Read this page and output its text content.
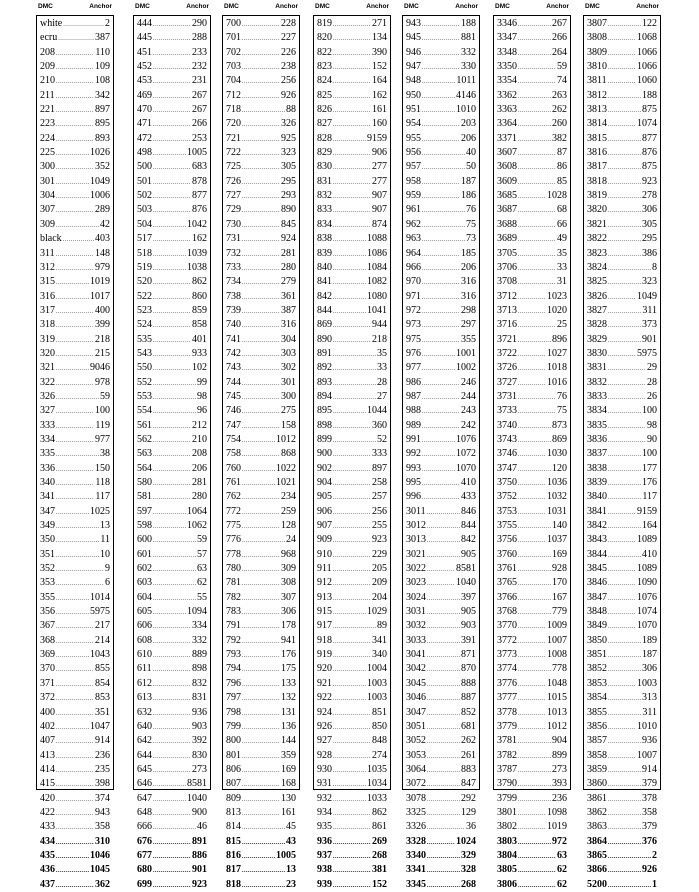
DMC	Anchor
white .....	2
ecru .....	387
208 .....	110
209 .....	109
210 .....	108
211 .....	342
221 .....	897
223 .....	895
224 .....	893
225 .....	1026
300 .....	352
301 .....	1049
304 .....	1006
307 .....	289
309 .....	42
black .....	403
311 .....	148
312 .....	979
315 .....	1019
316 .....	1017
317 .....	400
318 .....	399
319 .....	218
320 .....	215
321 .....	9046
322 .....	978
326 .....	59
327 .....	100
333 .....	119
334 .....	977
335 .....	38
336 .....	150
340 .....	118
341 .....	117
347 .....	1025
349 .....	13
350 .....	11
351 .....	10
352 .....	9
353 .....	6
355 .....	1014
356 .....	5975
367 .....	217
368 .....	214
369 .....	1043
370 .....	855
371 .....	854
372 .....	853
400 .....	351
402 .....	1047
407 .....	914
413 .....	236
414 .....	235
415 .....	398
420 .....	374
422 .....	943
433 .....	358
434 .....	310
435 .....	1046
436 .....	1045
437 .....	362
DMC	Anchor
444 .....	290
445 .....	288
451 .....	233
452 .....	232
453 .....	231
469 .....	267
470 .....	267
471 .....	266
472 .....	253
498 .....	1005
500 .....	683
501 .....	878
502 .....	877
503 .....	876
504 .....	1042
517 .....	162
518 .....	1039
519 .....	1038
520 .....	862
522 .....	860
523 .....	859
524 .....	858
535 .....	401
543 .....	933
550 .....	102
552 .....	99
553 .....	98
554 .....	96
561 .....	212
562 .....	210
563 .....	208
564 .....	206
580 .....	281
581 .....	280
597 .....	1064
598 .....	1062
600 .....	59
601 .....	57
602 .....	63
603 .....	62
604 .....	55
605 .....	1094
606 .....	334
608 .....	332
610 .....	889
611 .....	898
612 .....	832
613 .....	831
632 .....	936
640 .....	903
642 .....	392
644 .....	830
645 .....	273
646 .....	8581
647 .....	1040
648 .....	900
666 .....	46
676 .....	891
677 .....	886
680 .....	901
699 .....	923
DMC	Anchor
700 .....	228
701 .....	227
702 .....	226
703 .....	238
704 .....	256
712 .....	926
718 .....	88
720 .....	326
721 .....	925
722 .....	323
725 .....	305
726 .....	295
727 .....	293
729 .....	890
730 .....	845
731 .....	924
732 .....	281
733 .....	280
734 .....	279
738 .....	361
739 .....	387
740 .....	316
741 .....	304
742 .....	303
743 .....	302
744 .....	301
745 .....	300
746 .....	275
747 .....	158
754 .....	1012
758 .....	868
760 .....	1022
761 .....	1021
762 .....	234
772 .....	259
775 .....	128
776 .....	24
778 .....	968
780 .....	309
781 .....	308
782 .....	307
783 .....	306
791 .....	178
792 .....	941
793 .....	176
794 .....	175
796 .....	133
797 .....	132
798 .....	131
799 .....	136
800 .....	144
801 .....	359
806 .....	169
807 .....	168
809 .....	130
813 .....	161
814 .....	45
815 .....	43
816 .....	1005
817 .....	13
818 .....	23
DMC	Anchor
819 .....	271
820 .....	134
822 .....	390
823 .....	152
824 .....	164
825 .....	162
826 .....	161
827 .....	160
828 .....	9159
829 .....	906
830 .....	277
831 .....	277
832 .....	907
833 .....	907
834 .....	874
838 .....	1088
839 .....	1086
840 .....	1084
841 .....	1082
842 .....	1080
844 .....	1041
869 .....	944
890 .....	218
891 .....	35
892 .....	33
893 .....	28
894 .....	27
895 .....	1044
898 .....	360
899 .....	52
900 .....	333
902 .....	897
904 .....	258
905 .....	257
906 .....	256
907 .....	255
909 .....	923
910 .....	229
911 .....	205
912 .....	209
913 .....	204
915 .....	1029
917 .....	89
918 .....	341
919 .....	340
920 .....	1004
921 .....	1003
922 .....	1003
924 .....	851
926 .....	850
927 .....	848
928 .....	274
930 .....	1035
931 .....	1034
932 .....	1033
934 .....	862
935 .....	861
936 .....	269
937 .....	268
938 .....	381
939 .....	152
DMC	Anchor
943 .....	188
945 .....	881
946 .....	332
947 .....	330
948 .....	1011
950 .....	4146
951 .....	1010
954 .....	203
955 .....	206
956 .....	40
957 .....	50
958 .....	187
959 .....	186
961 .....	76
962 .....	75
963 .....	73
964 .....	185
966 .....	206
970 .....	316
971 .....	316
972 .....	298
973 .....	297
975 .....	355
976 .....	1001
977 .....	1002
986 .....	246
987 .....	244
988 .....	243
989 .....	242
991 .....	1076
992 .....	1072
993 .....	1070
995 .....	410
996 .....	433
3011 .....	846
3012 .....	844
3013 .....	842
3021 .....	905
3022 .....	8581
3023 .....	1040
3024 .....	397
3031 .....	905
3032 .....	903
3033 .....	391
3041 .....	871
3042 .....	870
3045 .....	888
3046 .....	887
3047 .....	852
3051 .....	681
3052 .....	262
3053 .....	261
3064 .....	883
3072 .....	847
3078 .....	292
3325 .....	129
3326 .....	36
3328 .....	1024
3340 .....	329
3341 .....	328
3345 .....	268
DMC	Anchor
3346 .....	267
3347 .....	266
3348 .....	264
3350 .....	59
3354 .....	74
3362 .....	263
3363 .....	262
3364 .....	260
3371 .....	382
3607 .....	87
3608 .....	86
3609 .....	85
3685 .....	1028
3687 .....	68
3688 .....	66
3689 .....	49
3705 .....	35
3706 .....	33
3708 .....	31
3712 .....	1023
3713 .....	1020
3716 .....	25
3721 .....	896
3722 .....	1027
3726 .....	1018
3727 .....	1016
3731 .....	76
3733 .....	75
3740 .....	873
3743 .....	869
3746 .....	1030
3747 .....	120
3750 .....	1036
3752 .....	1032
3753 .....	1031
3755 .....	140
3756 .....	1037
3760 .....	169
3761 .....	928
3765 .....	170
3766 .....	167
3768 .....	779
3770 .....	1009
3772 .....	1007
3773 .....	1008
3774 .....	778
3776 .....	1048
3777 .....	1015
3778 .....	1013
3779 .....	1012
3781 .....	904
3782 .....	899
3787 .....	273
3790 .....	393
3799 .....	236
3801 .....	1098
3802 .....	1019
3803 .....	972
3804 .....	63
3805 .....	62
3806 .....	62
DMC	Anchor
3807 .....	122
3808 .....	1068
3809 .....	1066
3810 .....	1066
3811 .....	1060
3812 .....	188
3813 .....	875
3814 .....	1074
3815 .....	877
3816 .....	876
3817 .....	875
3818 .....	923
3819 .....	278
3820 .....	306
3821 .....	305
3822 .....	295
3823 .....	386
3824 .....	8
3825 .....	323
3826 .....	1049
3827 .....	311
3828 .....	373
3829 .....	901
3830 .....	5975
3831 .....	29
3832 .....	28
3833 .....	26
3834 .....	100
3835 .....	98
3836 .....	90
3837 .....	100
3838 .....	177
3839 .....	176
3840 .....	117
3841 .....	9159
3842 .....	164
3843 .....	1089
3844 .....	410
3845 .....	1089
3846 .....	1090
3847 .....	1076
3848 .....	1074
3849 .....	1070
3850 .....	189
3851 .....	187
3852 .....	306
3853 .....	1003
3854 .....	313
3855 .....	311
3856 .....	1010
3857 .....	936
3858 .....	1007
3859 .....	914
3860 .....	379
3861 .....	378
3862 .....	358
3863 .....	379
3864 .....	376
3865 .....	2
3866 .....	926
5200 .....	1
